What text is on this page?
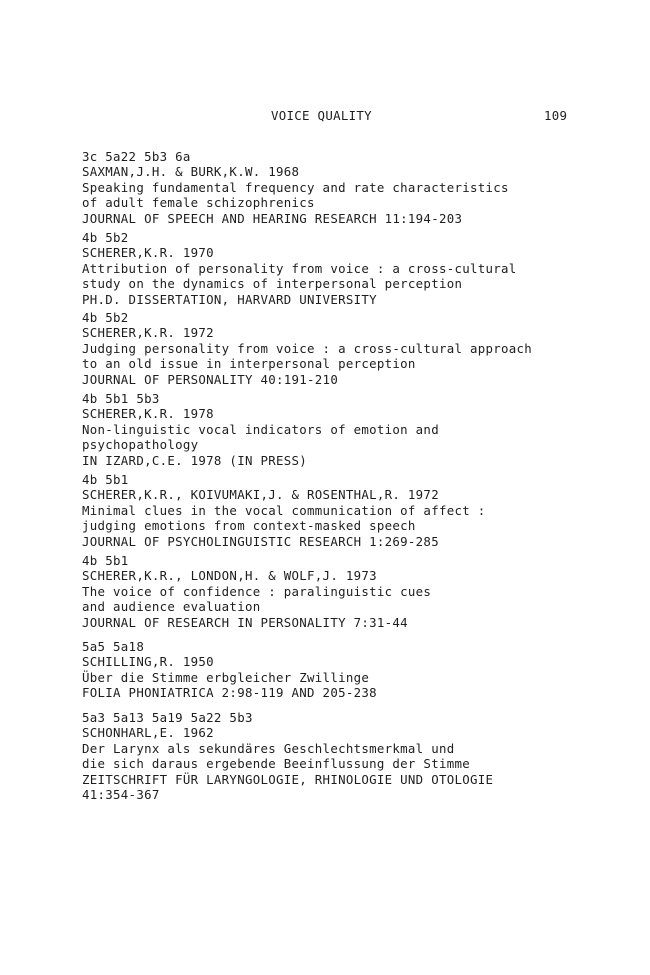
VOICE QUALITY	109
3c 5a22 5b3 6a
SAXMAN,J.H. & BURK,K.W. 1968
Speaking fundamental frequency and rate characteristics
of adult female schizophrenics
JOURNAL OF SPEECH AND HEARING RESEARCH 11:194-203
4b 5b2
SCHERER,K.R. 1970
Attribution of personality from voice : a cross-cultural
study on the dynamics of interpersonal perception
PH.D. DISSERTATION, HARVARD UNIVERSITY
4b 5b2
SCHERER,K.R. 1972
Judging personality from voice : a cross-cultural approach
to an old issue in interpersonal perception
JOURNAL OF PERSONALITY 40:191-210
4b 5b1 5b3
SCHERER,K.R. 1978
Non-linguistic vocal indicators of emotion and
psychopathology
IN IZARD,C.E. 1978 (IN PRESS)
4b 5b1
SCHERER,K.R., KOIVUMAKI,J. & ROSENTHAL,R. 1972
Minimal clues in the vocal communication of affect :
judging emotions from context-masked speech
JOURNAL OF PSYCHOLINGUISTIC RESEARCH 1:269-285
4b 5b1
SCHERER,K.R., LONDON,H. & WOLF,J. 1973
The voice of confidence : paralinguistic cues
and audience evaluation
JOURNAL OF RESEARCH IN PERSONALITY 7:31-44
5a5 5a18
SCHILLING,R. 1950
Über die Stimme erbgleicher Zwillinge
FOLIA PHONIATRICA 2:98-119 AND 205-238
5a3 5a13 5a19 5a22 5b3
SCHONHARL,E. 1962
Der Larynx als sekundäres Geschlechtsmerkmal und
die sich daraus ergebende Beeinflussung der Stimme
ZEITSCHRIFT FÜR LARYNGOLOGIE, RHINOLOGIE UND OTOLOGIE
41:354-367
